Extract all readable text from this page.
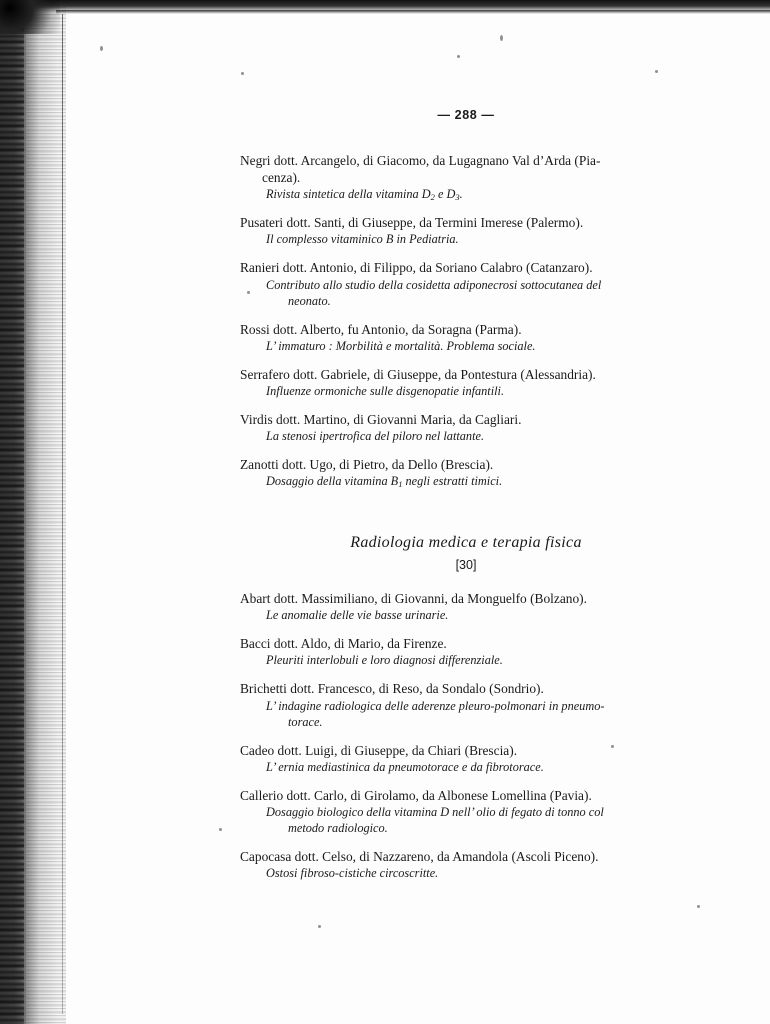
— 288 —
Negri dott. Arcangelo, di Giacomo, da Lugagnano Val d’Arda (Pia-
cenza).
Rivista sintetica della vitamina $D_2$ e $D_3$.
Pusateri dott. Santi, di Giuseppe, da Termini Imerese (Palermo).
Il complesso vitaminico B in Pediatria.
Ranieri dott. Antonio, di Filippo, da Soriano Calabro (Catanzaro).
Contributo allo studio della cosidetta adiponecrosi sottocutanea del
neonato.
Rossi dott. Alberto, fu Antonio, da Soragna (Parma).
L’ immaturo : Morbilità e mortalità. Problema sociale.
Serrafero dott. Gabriele, di Giuseppe, da Pontestura (Alessandria).
Influenze ormoniche sulle disgenopatie infantili.
Virdis dott. Martino, di Giovanni Maria, da Cagliari.
La stenosi ipertrofica del piloro nel lattante.
Zanotti dott. Ugo, di Pietro, da Dello (Brescia).
Dosaggio della vitamina $B_1$ negli estratti timici.
Radiologia medica e terapia fisica
[30]
Abart dott. Massimiliano, di Giovanni, da Monguelfo (Bolzano).
Le anomalie delle vie basse urinarie.
Bacci dott. Aldo, di Mario, da Firenze.
Pleuriti interlobuli e loro diagnosi differenziale.
Brichetti dott. Francesco, di Reso, da Sondalo (Sondrio).
L’ indagine radiologica delle aderenze pleuro-polmonari in pneumo-
torace.
Cadeo dott. Luigi, di Giuseppe, da Chiari (Brescia).
L’ ernia mediastinica da pneumotorace e da fibrotorace.
Callerio dott. Carlo, di Girolamo, da Albonese Lomellina (Pavia).
Dosaggio biologico della vitamina D nell’ olio di fegato di tonno col
metodo radiologico.
Capocasa dott. Celso, di Nazzareno, da Amandola (Ascoli Piceno).
Ostosi fibroso-cistiche circoscritte.
